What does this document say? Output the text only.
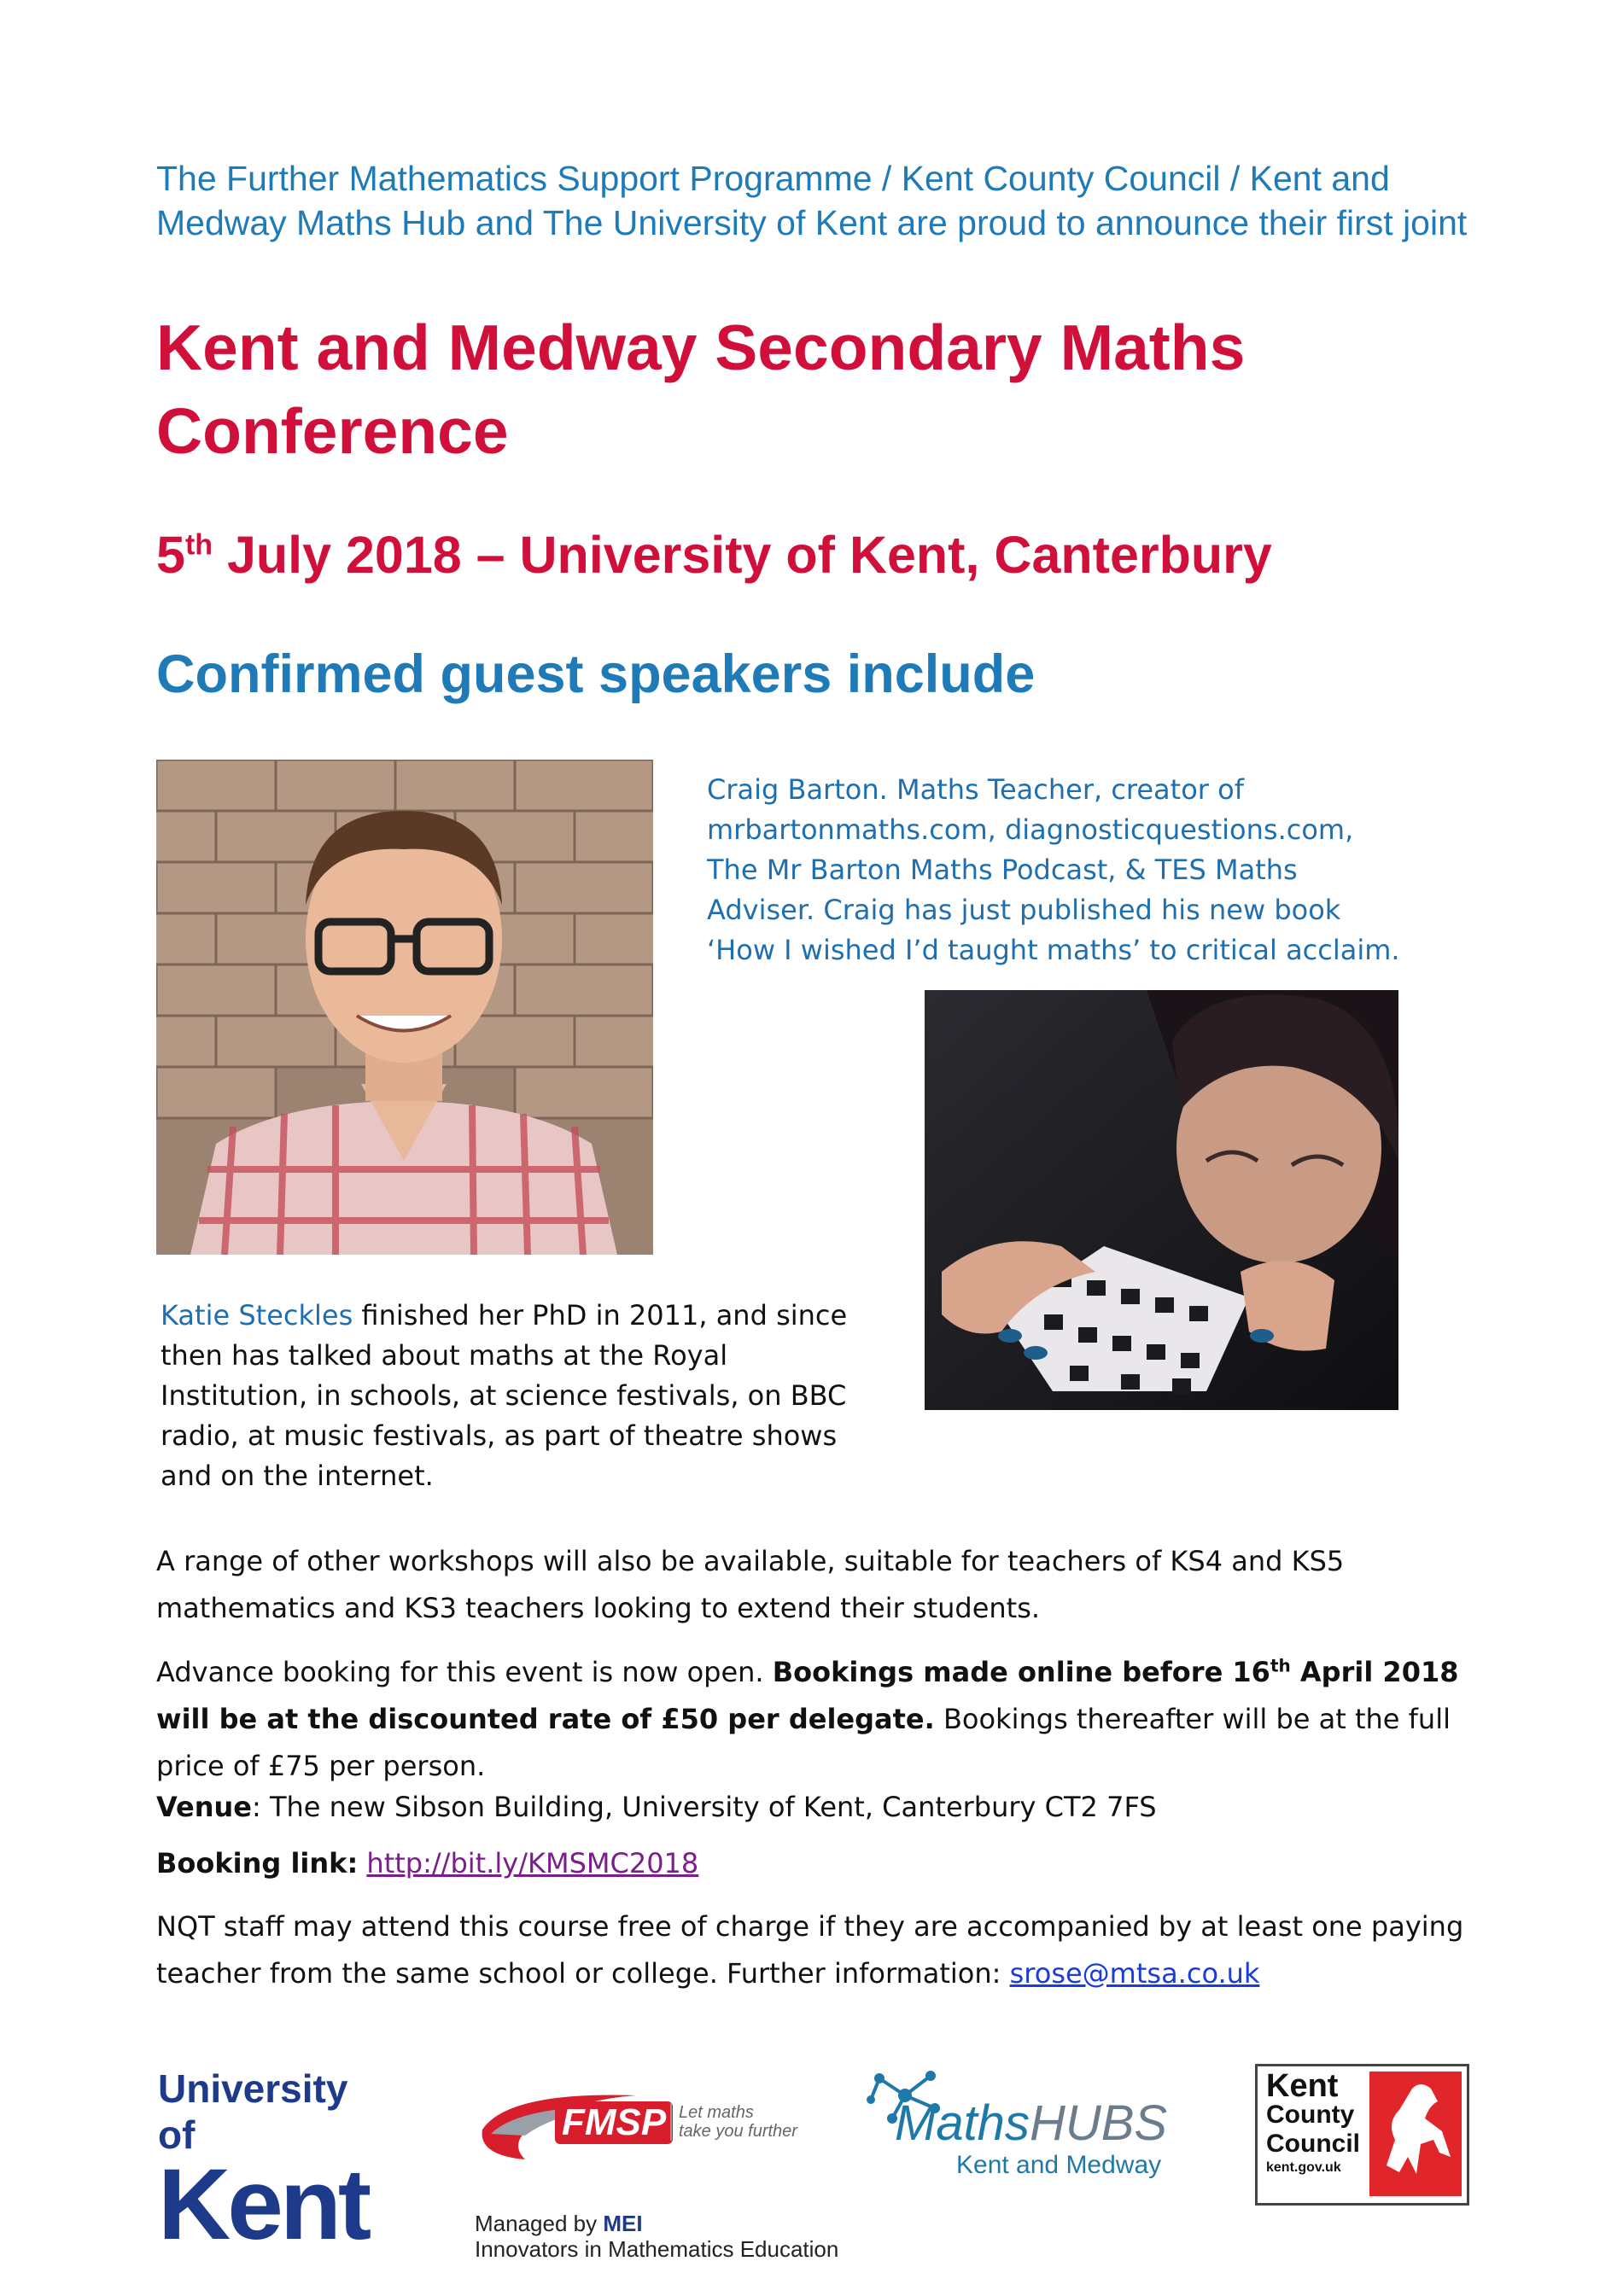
The Further Mathematics Support Programme / Kent County Council / Kent and Medway Maths Hub and The University of Kent are proud to announce their first joint
Kent and Medway Secondary Maths Conference
5th July 2018 – University of Kent, Canterbury
Confirmed guest speakers include
Craig Barton. Maths Teacher, creator of
mrbartonmaths.com, diagnosticquestions.com,
The Mr Barton Maths Podcast, & TES Maths
Adviser. Craig has just published his new book
‘How I wished I’d taught maths’ to critical acclaim.
Katie Steckles finished her PhD in 2011, and since
then has talked about maths at the Royal
Institution, in schools, at science festivals, on BBC
radio, at music festivals, as part of theatre shows
and on the internet.
A range of other workshops will also be available, suitable for teachers of KS4 and KS5 mathematics and KS3 teachers looking to extend their students.
Advance booking for this event is now open. Bookings made online before 16th April 2018 will be at the discounted rate of £50 per delegate. Bookings thereafter will be at the full price of £75 per person.
Venue: The new Sibson Building, University of Kent, Canterbury CT2 7FS
Booking link: http://bit.ly/KMSMC2018
NQT staff may attend this course free of charge if they are accompanied by at least one paying teacher from the same school or college. Further information: srose@mtsa.co.uk
University of
Kent
FMSP Let maths
take you further MathsHUBS
Kent and Medway
Kent
County
Council
kent.gov.uk
Managed by MEI
Innovators in Mathematics Education
